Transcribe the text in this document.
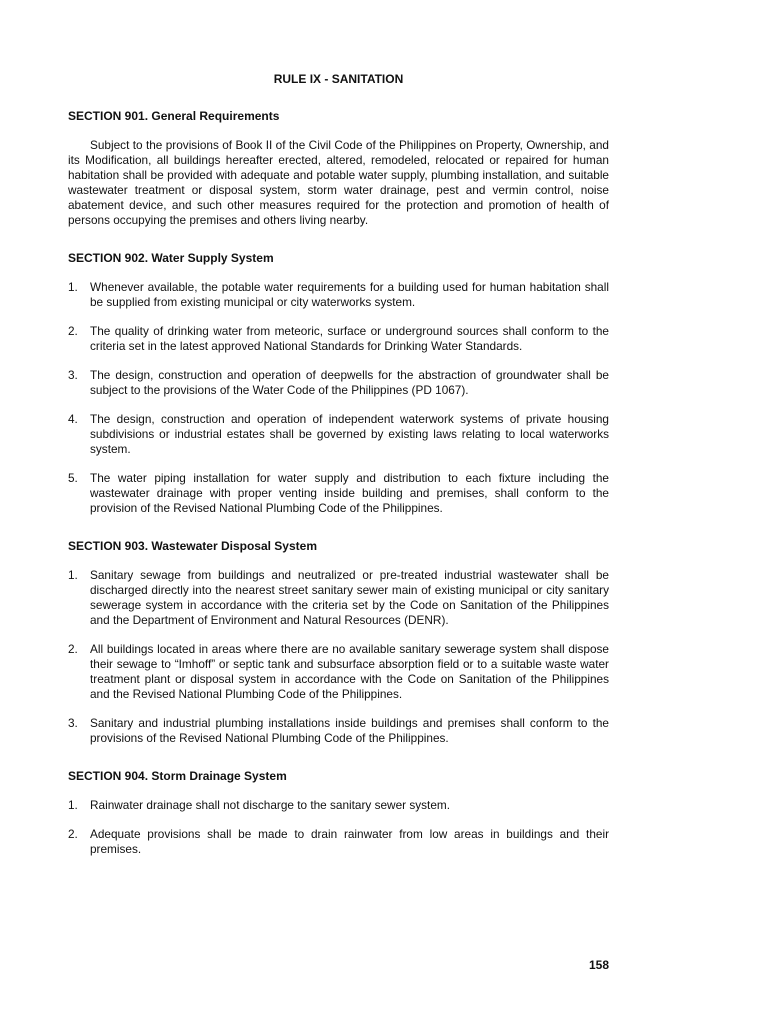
RULE IX - SANITATION
SECTION 901. General Requirements

Subject to the provisions of Book II of the Civil Code of the Philippines on Property, Ownership, and its Modification, all buildings hereafter erected, altered, remodeled, relocated or repaired for human habitation shall be provided with adequate and potable water supply, plumbing installation, and suitable wastewater treatment or disposal system, storm water drainage, pest and vermin control, noise abatement device, and such other measures required for the protection and promotion of health of persons occupying the premises and others living nearby.

SECTION 902. Water Supply System
1. Whenever available, the potable water requirements for a building used for human habitation shall be supplied from existing municipal or city waterworks system.
2. The quality of drinking water from meteoric, surface or underground sources shall conform to the criteria set in the latest approved National Standards for Drinking Water Standards.
3. The design, construction and operation of deepwells for the abstraction of groundwater shall be subject to the provisions of the Water Code of the Philippines (PD 1067).
4. The design, construction and operation of independent waterwork systems of private housing subdivisions or industrial estates shall be governed by existing laws relating to local waterworks system.
5. The water piping installation for water supply and distribution to each fixture including the wastewater drainage with proper venting inside building and premises, shall conform to the provision of the Revised National Plumbing Code of the Philippines.
SECTION 903. Wastewater Disposal System
1. Sanitary sewage from buildings and neutralized or pre-treated industrial wastewater shall be discharged directly into the nearest street sanitary sewer main of existing municipal or city sanitary sewerage system in accordance with the criteria set by the Code on Sanitation of the Philippines and the Department of Environment and Natural Resources (DENR).
2. All buildings located in areas where there are no available sanitary sewerage system shall dispose their sewage to “Imhoff” or septic tank and subsurface absorption field or to a suitable waste water treatment plant or disposal system in accordance with the Code on Sanitation of the Philippines and the Revised National Plumbing Code of the Philippines.
3. Sanitary and industrial plumbing installations inside buildings and premises shall conform to the provisions of the Revised National Plumbing Code of the Philippines.
SECTION 904. Storm Drainage System
1. Rainwater drainage shall not discharge to the sanitary sewer system.
2. Adequate provisions shall be made to drain rainwater from low areas in buildings and their premises.
158
